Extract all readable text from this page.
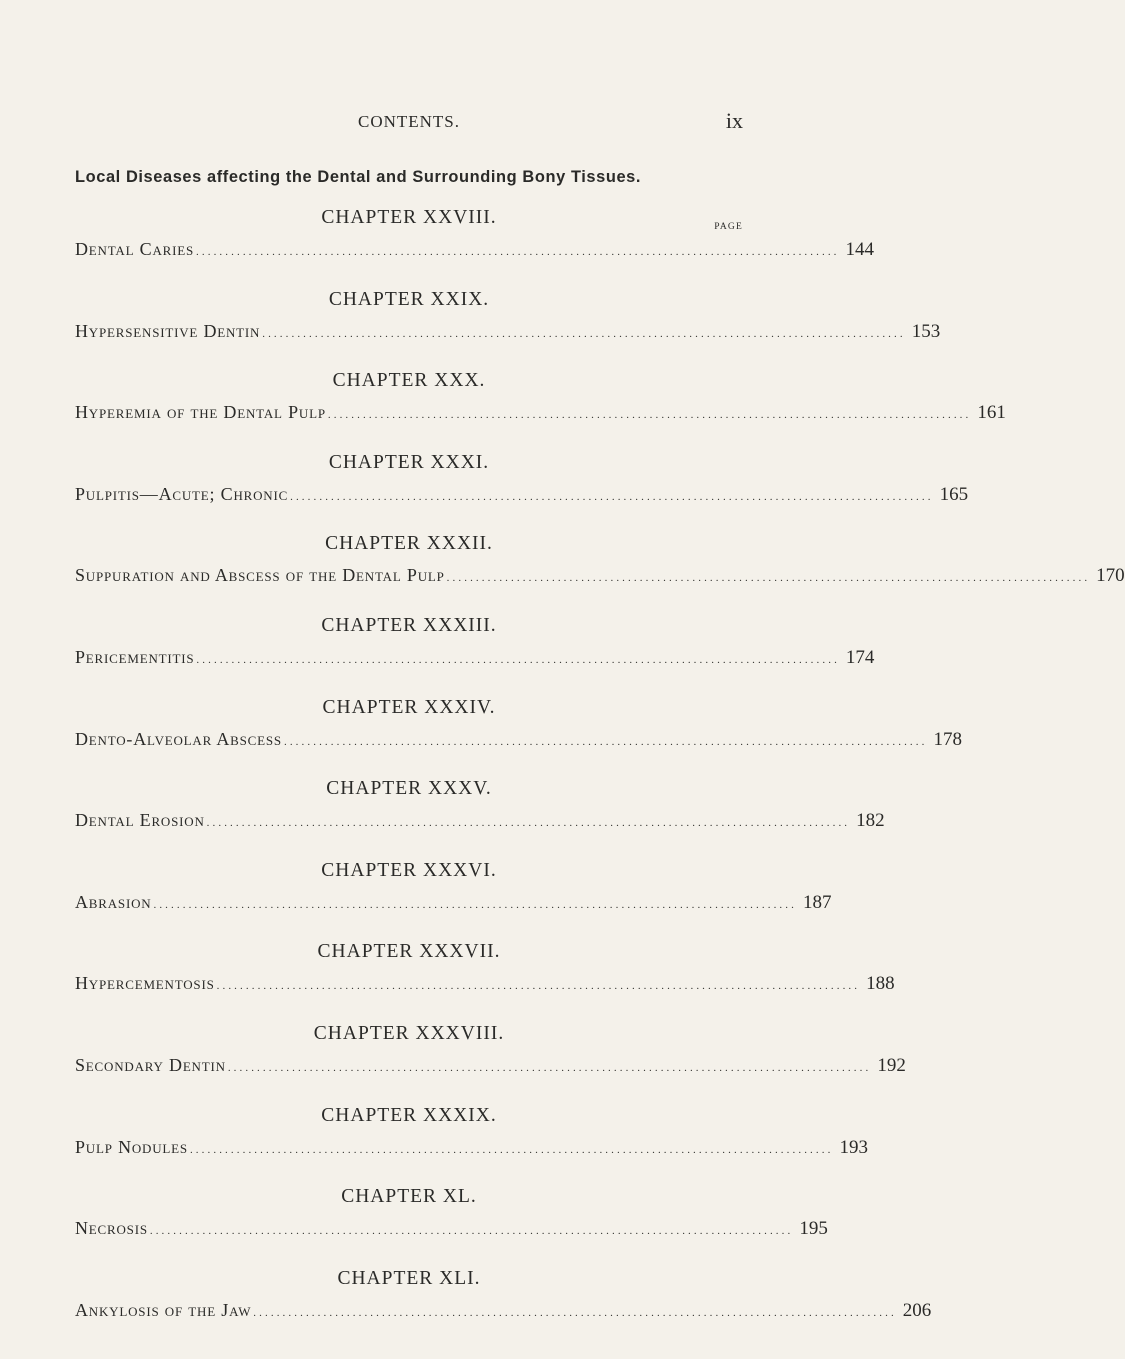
CONTENTS.	ix
Local Diseases affecting the Dental and Surrounding Bony Tissues.
PAGE
CHAPTER XXVIII.
Dental Caries .............................................................................................................. 144
CHAPTER XXIX.
Hypersensitive Dentin .............................................................................................................. 153
CHAPTER XXX.
Hyperemia of the Dental Pulp .............................................................................................................. 161
CHAPTER XXXI.
Pulpitis—Acute; Chronic .............................................................................................................. 165
CHAPTER XXXII.
Suppuration and Abscess of the Dental Pulp .............................................................................................................. 170
CHAPTER XXXIII.
Pericementitis .............................................................................................................. 174
CHAPTER XXXIV.
Dento-Alveolar Abscess .............................................................................................................. 178
CHAPTER XXXV.
Dental Erosion .............................................................................................................. 182
CHAPTER XXXVI.
Abrasion .............................................................................................................. 187
CHAPTER XXXVII.
Hypercementosis .............................................................................................................. 188
CHAPTER XXXVIII.
Secondary Dentin .............................................................................................................. 192
CHAPTER XXXIX.
Pulp Nodules .............................................................................................................. 193
CHAPTER XL.
Necrosis .............................................................................................................. 195
CHAPTER XLI.
Ankylosis of the Jaw .............................................................................................................. 206
